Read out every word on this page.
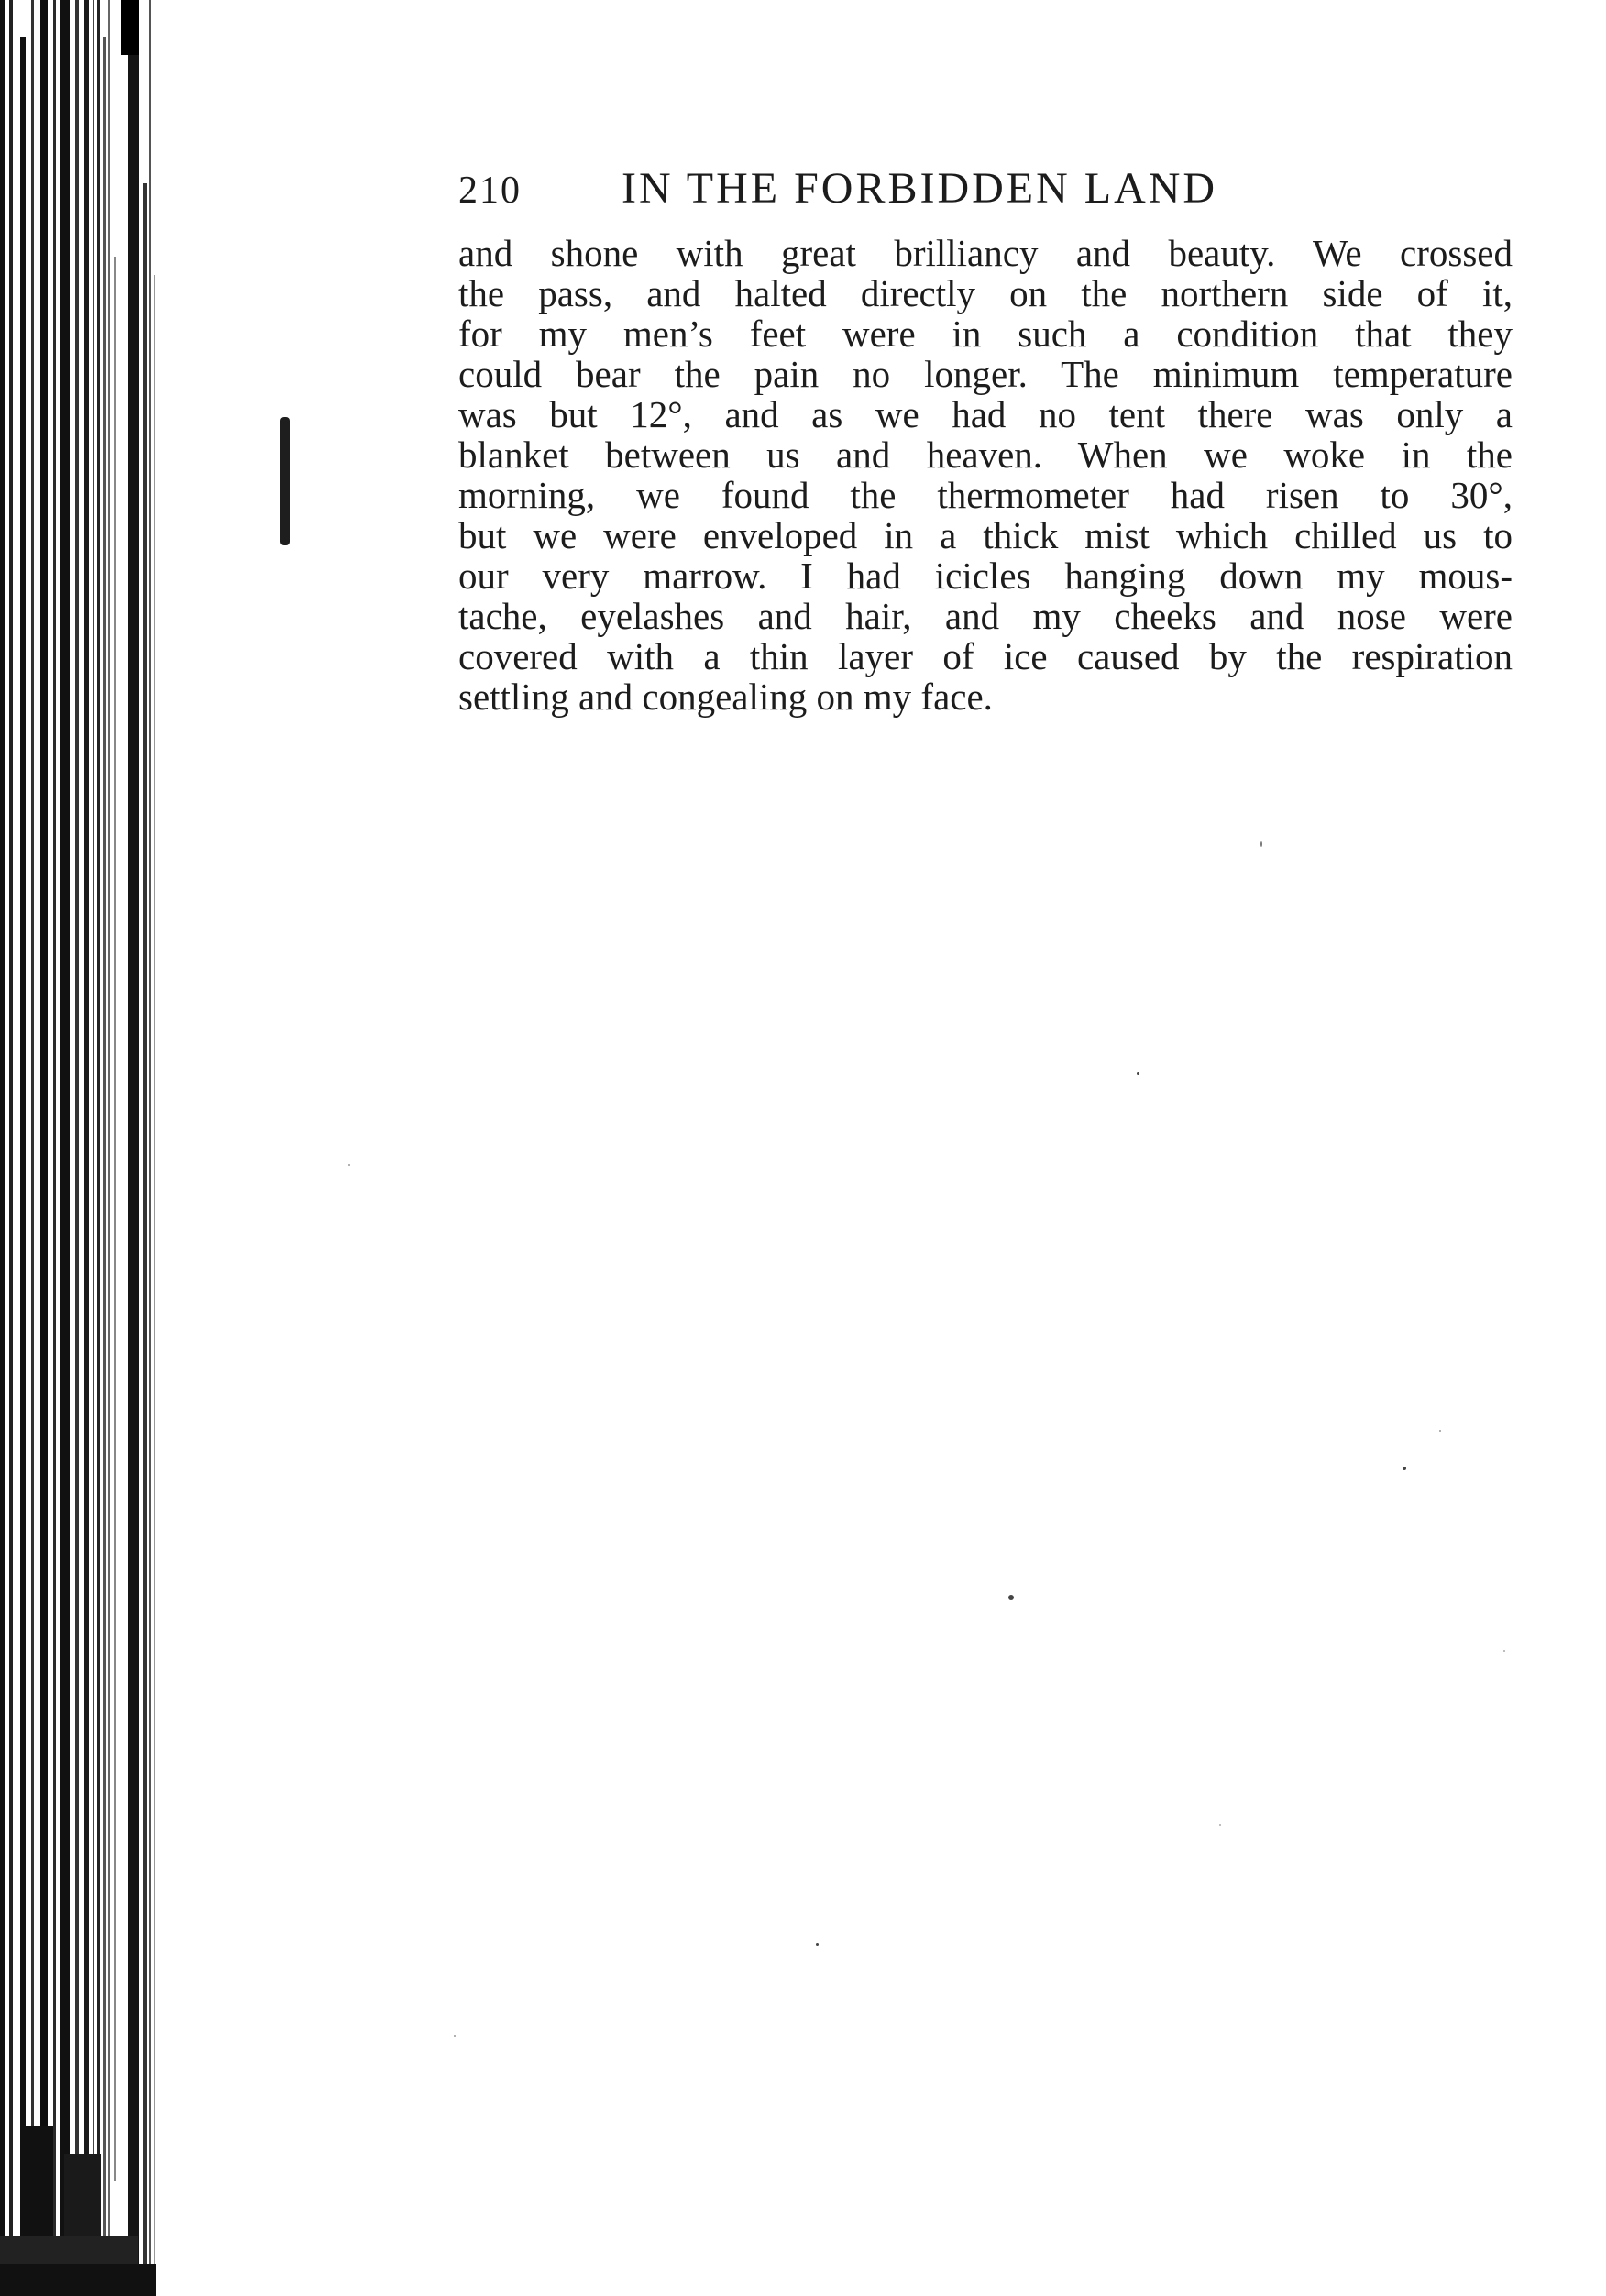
210 IN THE FORBIDDEN LAND
and shone with great brilliancy and beauty. We crossed
the pass, and halted directly on the northern side of it,
for my men’s feet were in such a condition that they
could bear the pain no longer. The minimum temperature
was but 12°, and as we had no tent there was only a
blanket between us and heaven. When we woke in the
morning, we found the thermometer had risen to 30°,
but we were enveloped in a thick mist which chilled us to
our very marrow. I had icicles hanging down my mous-
tache, eyelashes and hair, and my cheeks and nose were
covered with a thin layer of ice caused by the respiration
settling and congealing on my face.
